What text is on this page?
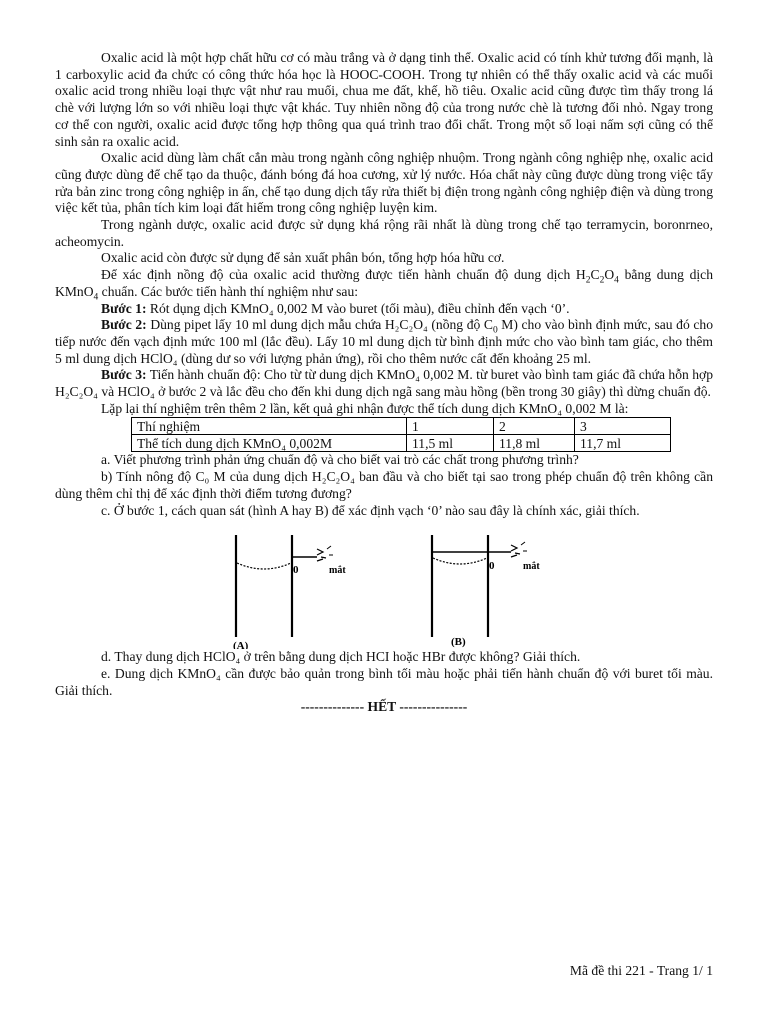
Oxalic acid là một hợp chất hữu cơ có màu trắng và ở dạng tinh thể. Oxalic acid có tính khử tương đối mạnh, là 1 carboxylic acid đa chức có công thức hóa học là HOOC-COOH. Trong tự nhiên có thể thấy oxalic acid và các muối oxalic acid trong nhiều loại thực vật như rau muối, chua me đất, khế, hồ tiêu. Oxalic acid cũng được tìm thấy trong lá chè với lượng lớn so với nhiều loại thực vật khác. Tuy nhiên nồng độ của trong nước chè là tương đối nhỏ. Ngay trong cơ thể con người, oxalic acid được tổng hợp thông qua quá trình trao đổi chất. Trong một số loại nấm sợi cũng có thể sinh sản ra oxalic acid.

Oxalic acid dùng làm chất cắn màu trong ngành công nghiệp nhuộm. Trong ngành công nghiệp nhẹ, oxalic acid cũng được dùng để chế tạo da thuộc, đánh bóng đá hoa cương, xử lý nước. Hóa chất này cũng được dùng trong việc tẩy rửa bản zinc trong công nghiệp in ấn, chế tạo dung dịch tẩy rửa thiết bị điện trong ngành công nghiệp điện và dùng trong việc kết tủa, phân tích kim loại đất hiếm trong công nghiệp luyện kim.

Trong ngành dược, oxalic acid được sử dụng khá rộng rãi nhất là dùng trong chế tạo terramycin, boronrneo, acheomycin.

Oxalic acid còn được sử dụng để sản xuất phân bón, tổng hợp hóa hữu cơ.

Để xác định nồng độ của oxalic acid thường được tiến hành chuẩn độ dung dịch $H_2C_2O_4$ bằng dung dịch KMnO$_4$ chuẩn. Các bước tiến hành thí nghiệm như sau:

Bước 1: Rót dụng dịch KMnO₄ 0,002 M vào buret (tối màu), điều chỉnh đến vạch ‘0’.

Bước 2: Dùng pipet lấy 10 ml dung dịch mẫu chứa H₂C₂O₄ (nồng độ $C_0$ M) cho vào bình định mức, sau đó cho tiếp nước đến vạch định mức 100 ml (lắc đều). Lấy 10 ml dung dịch từ bình định mức cho vào bình tam giác, cho thêm 5 ml dung dịch HClO₄ (dùng dư so với lượng phản ứng), rồi cho thêm nước cất đến khoảng 25 ml.

Bước 3: Tiến hành chuẩn độ: Cho từ từ dung dịch KMnO₄ 0,002 M. từ buret vào bình tam giác đã chứa hỗn hợp H₂C₂O₄ và HClO₄ ở bước 2 và lắc đều cho đến khi dung dịch ngã sang màu hồng (bền trong 30 giây) thì dừng chuẩn độ.

Lặp lại thí nghiệm trên thêm 2 lần, kết quả ghi nhận được thể tích dung dịch KMnO₄ 0,002 M là:

Thí nghiệm	1	2	3
Thể tích dung dịch KMnO₄ 0,002M	11,5 ml	11,8 ml	11,7 ml

a. Viết phương trình phản ứng chuẩn độ và cho biết vai trò các chất trong phương trình?

b) Tính nông độ C₀ M của dung dịch H₂C₂O₄ ban đầu và cho biết tại sao trong phép chuẩn độ trên không cần dùng thêm chỉ thị để xác định thời điểm tương đương?

c. Ở bước 1, cách quan sát (hình A hay B) để xác định vạch ‘0’ nào sau đây là chính xác, giải thích.

0	mắt
(A)
0	mắt
(B)

d. Thay dung dịch HClO₄ ở trên bằng dung dịch HCI hoặc HBr được không? Giải thích.

e. Dung dịch KMnO₄ cần được bảo quản trong bình tối màu hoặc phải tiến hành chuẩn độ với buret tối màu. Giải thích.

-------------- HẾT ---------------

Mã đề thi 221 - Trang 1/ 1
